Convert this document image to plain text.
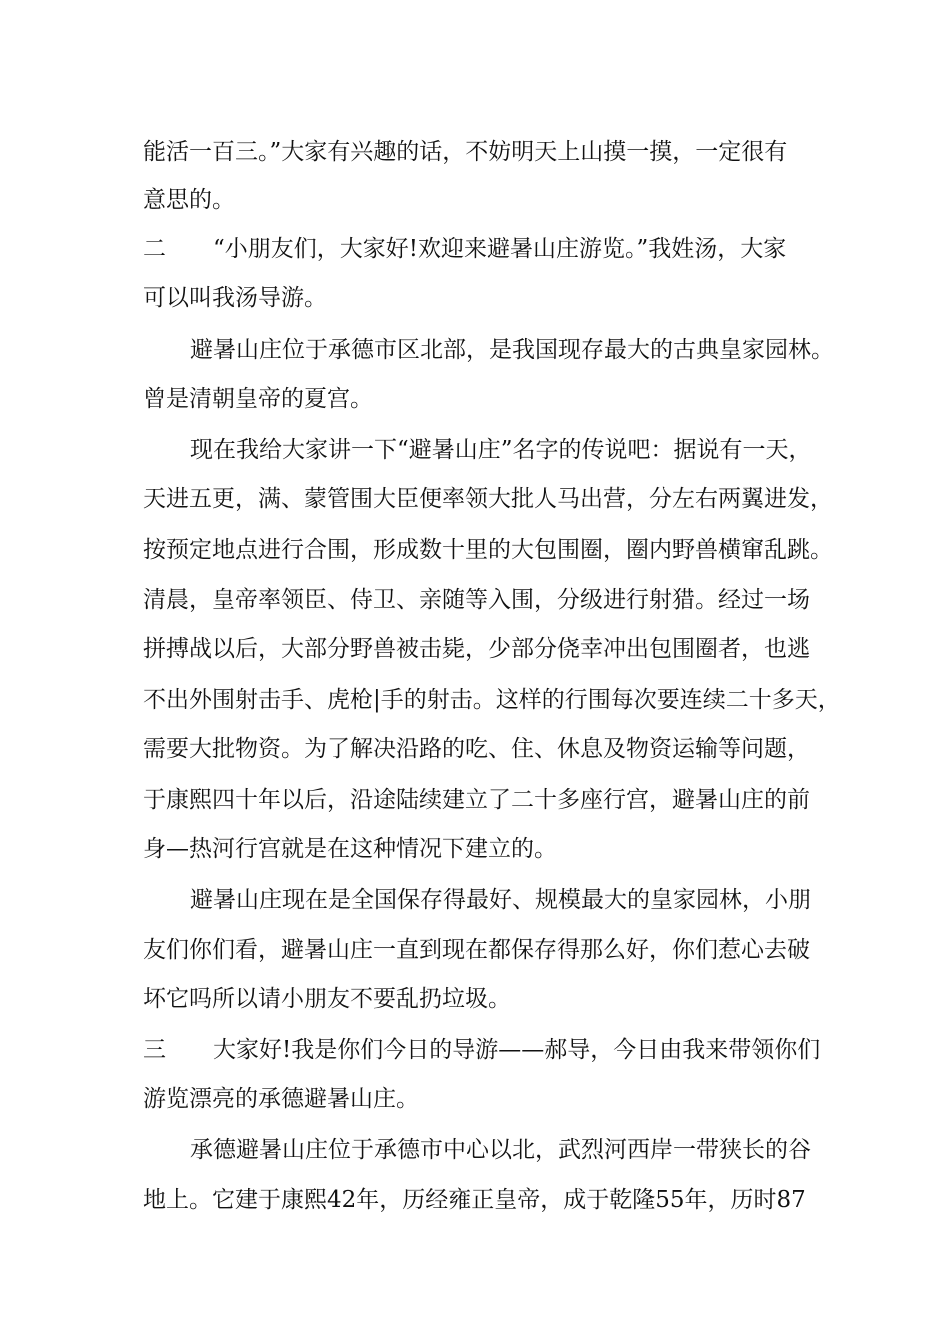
能活一百三。”大家有兴趣的话，不妨明天上山摸一摸，一定很有
意思的。
二	“小朋友们，大家好!欢迎来避暑山庄游览。”我姓汤，大家
可以叫我汤导游。
避暑山庄位于承德市区北部，是我国现存最大的古典皇家园林。
曾是清朝皇帝的夏宫。
现在我给大家讲一下“避暑山庄”名字的传说吧：据说有一天，
天进五更，满、蒙管围大臣便率领大批人马出营，分左右两翼进发，
按预定地点进行合围，形成数十里的大包围圈，圈内野兽横窜乱跳。
清晨，皇帝率领臣、侍卫、亲随等入围，分级进行射猎。经过一场
拼搏战以后，大部分野兽被击毙，少部分侥幸冲出包围圈者，也逃
不出外围射击手、虎枪|手的射击。这样的行围每次要连续二十多天，
需要大批物资。为了解决沿路的吃、住、休息及物资运输等问题，
于康熙四十年以后，沿途陆续建立了二十多座行宫，避暑山庄的前
身—热河行宫就是在这种情况下建立的。
避暑山庄现在是全国保存得最好、规模最大的皇家园林，小朋
友们你们看，避暑山庄一直到现在都保存得那么好，你们惹心去破
坏它吗所以请小朋友不要乱扔垃圾。
三	大家好!我是你们今日的导游——郝导，今日由我来带领你们
游览漂亮的承德避暑山庄。
承德避暑山庄位于承德市中心以北，武烈河西岸一带狭长的谷
地上。它建于康熙42年，历经雍正皇帝，成于乾隆55年，历时87
